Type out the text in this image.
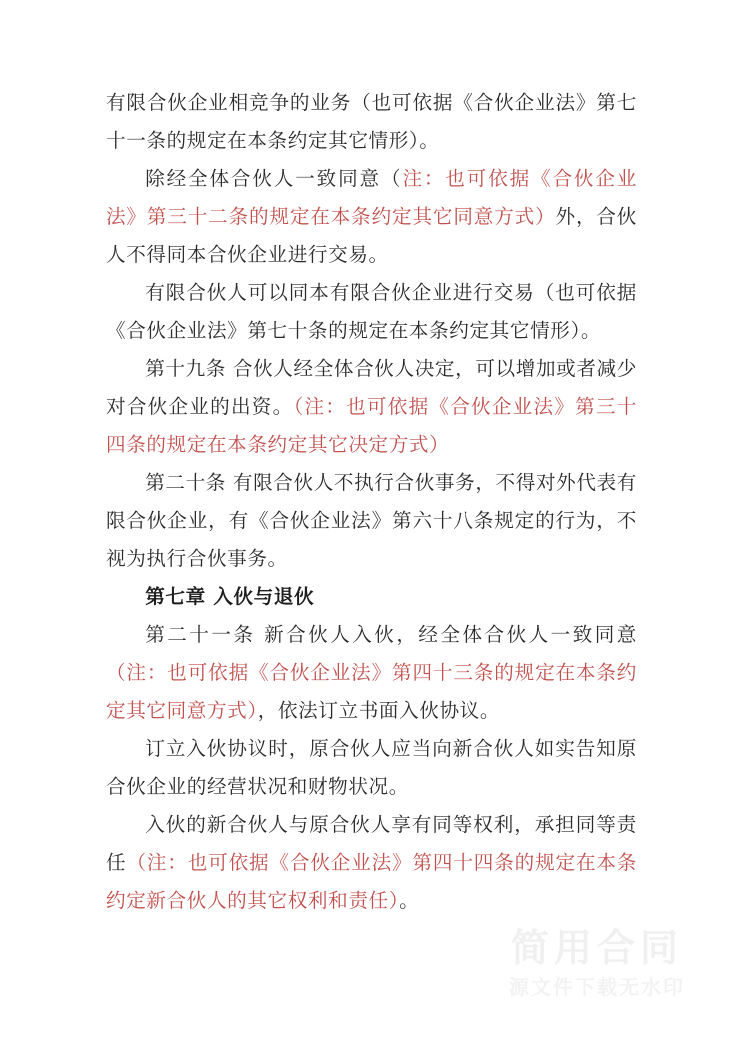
有限合伙企业相竞争的业务（也可依据《合伙企业法》第七十一条的规定在本条约定其它情形）。

除经全体合伙人一致同意（注：也可依据《合伙企业法》第三十二条的规定在本条约定其它同意方式）外，合伙人不得同本合伙企业进行交易。

有限合伙人可以同本有限合伙企业进行交易（也可依据《合伙企业法》第七十条的规定在本条约定其它情形）。

第十九条 合伙人经全体合伙人决定，可以增加或者减少对合伙企业的出资。（注：也可依据《合伙企业法》第三十四条的规定在本条约定其它决定方式）

第二十条 有限合伙人不执行合伙事务，不得对外代表有限合伙企业，有《合伙企业法》第六十八条规定的行为，不视为执行合伙事务。

第七章 入伙与退伙

第二十一条 新合伙人入伙，经全体合伙人一致同意（注：也可依据《合伙企业法》第四十三条的规定在本条约定其它同意方式），依法订立书面入伙协议。

订立入伙协议时，原合伙人应当向新合伙人如实告知原合伙企业的经营状况和财物状况。

入伙的新合伙人与原合伙人享有同等权利，承担同等责任（注：也可依据《合伙企业法》第四十四条的规定在本条约定新合伙人的其它权利和责任）。

简用合同
源文件下载无水印
